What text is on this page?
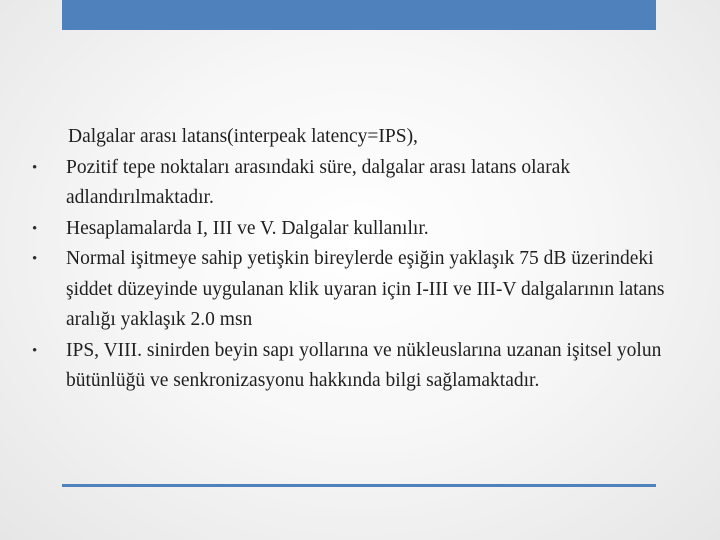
Dalgalar arası latans(interpeak latency=IPS),

• Pozitif tepe noktaları arasındaki süre, dalgalar arası latans olarak adlandırılmaktadır.
• Hesaplamalarda I, III ve V. Dalgalar kullanılır.
• Normal işitmeye sahip yetişkin bireylerde eşiğin yaklaşık 75 dB üzerindeki şiddet düzeyinde uygulanan klik uyaran için I-III ve III-V dalgalarının latans aralığı yaklaşık 2.0 msn
• IPS, VIII. sinirden beyin sapı yollarına ve nükleuslarına uzanan işitsel yolun bütünlüğü ve senkronizasyonu hakkında bilgi sağlamaktadır.
